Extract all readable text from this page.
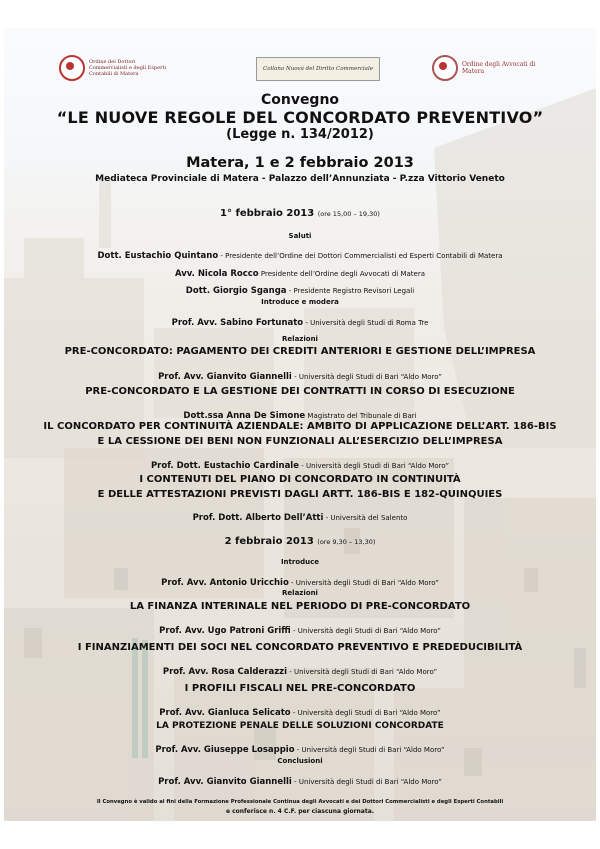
Ordine dei Dottori Commercialisti e degli Esperti Contabili di Matera
Collana Nuova del Diritto Commerciale
Ordine degli Avvocati di Matera
Convegno
“LE NUOVE REGOLE DEL CONCORDATO PREVENTIVO”
(Legge n. 134/2012)
Matera, 1 e 2 febbraio 2013
Mediateca Provinciale di Matera - Palazzo dell’Annunziata - P.zza Vittorio Veneto
1° febbraio 2013 (ore 15,00 – 19,30)
Saluti
Dott. Eustachio Quintano - Presidente dell’Ordine dei Dottori Commercialisti ed Esperti Contabili di Matera
Avv. Nicola Rocco Presidente dell’Ordine degli Avvocati di Matera
Dott. Giorgio Sganga - Presidente Registro Revisori Legali
Introduce e modera
Prof. Avv. Sabino Fortunato - Università degli Studi di Roma Tre
Relazioni
PRE-CONCORDATO: PAGAMENTO DEI CREDITI ANTERIORI E GESTIONE DELL’IMPRESA
Prof. Avv. Gianvito Giannelli - Università degli Studi di Bari “Aldo Moro”
PRE-CONCORDATO E LA GESTIONE DEI CONTRATTI IN CORSO DI ESECUZIONE
Dott.ssa Anna De Simone Magistrato del Tribunale di Bari
IL CONCORDATO PER CONTINUITÀ AZIENDALE: AMBITO DI APPLICAZIONE DELL’ART. 186-BIS
E LA CESSIONE DEI BENI NON FUNZIONALI ALL’ESERCIZIO DELL’IMPRESA
Prof. Dott. Eustachio Cardinale - Università degli Studi di Bari “Aldo Moro”
I CONTENUTI DEL PIANO DI CONCORDATO IN CONTINUITÀ
E DELLE ATTESTAZIONI PREVISTI DAGLI ARTT. 186-BIS E 182-QUINQUIES
Prof. Dott. Alberto Dell’Atti - Università del Salento
2 febbraio 2013 (ore 9,30 – 13,30)
Introduce
Prof. Avv. Antonio Uricchio - Università degli Studi di Bari “Aldo Moro”
Relazioni
LA FINANZA INTERINALE NEL PERIODO DI PRE-CONCORDATO
Prof. Avv. Ugo Patroni Griffi - Università degli Studi di Bari “Aldo Moro”
I FINANZIAMENTI DEI SOCI NEL CONCORDATO PREVENTIVO E PREDEDUCIBILITÀ
Prof. Avv. Rosa Calderazzi - Università degli Studi di Bari “Aldo Moro”
I PROFILI FISCALI NEL PRE-CONCORDATO
Prof. Avv. Gianluca Selicato - Università degli Studi di Bari “Aldo Moro”
LA PROTEZIONE PENALE DELLE SOLUZIONI CONCORDATE
Prof. Avv. Giuseppe Losappio - Università degli Studi di Bari “Aldo Moro”
Conclusioni
Prof. Avv. Gianvito Giannelli - Università degli Studi di Bari “Aldo Moro”
Il Convegno è valido ai fini della Formazione Professionale Continua degli Avvocati e dei Dottori Commercialisti e degli Esperti Contabili
e conferisce n. 4 C.F. per ciascuna giornata.
